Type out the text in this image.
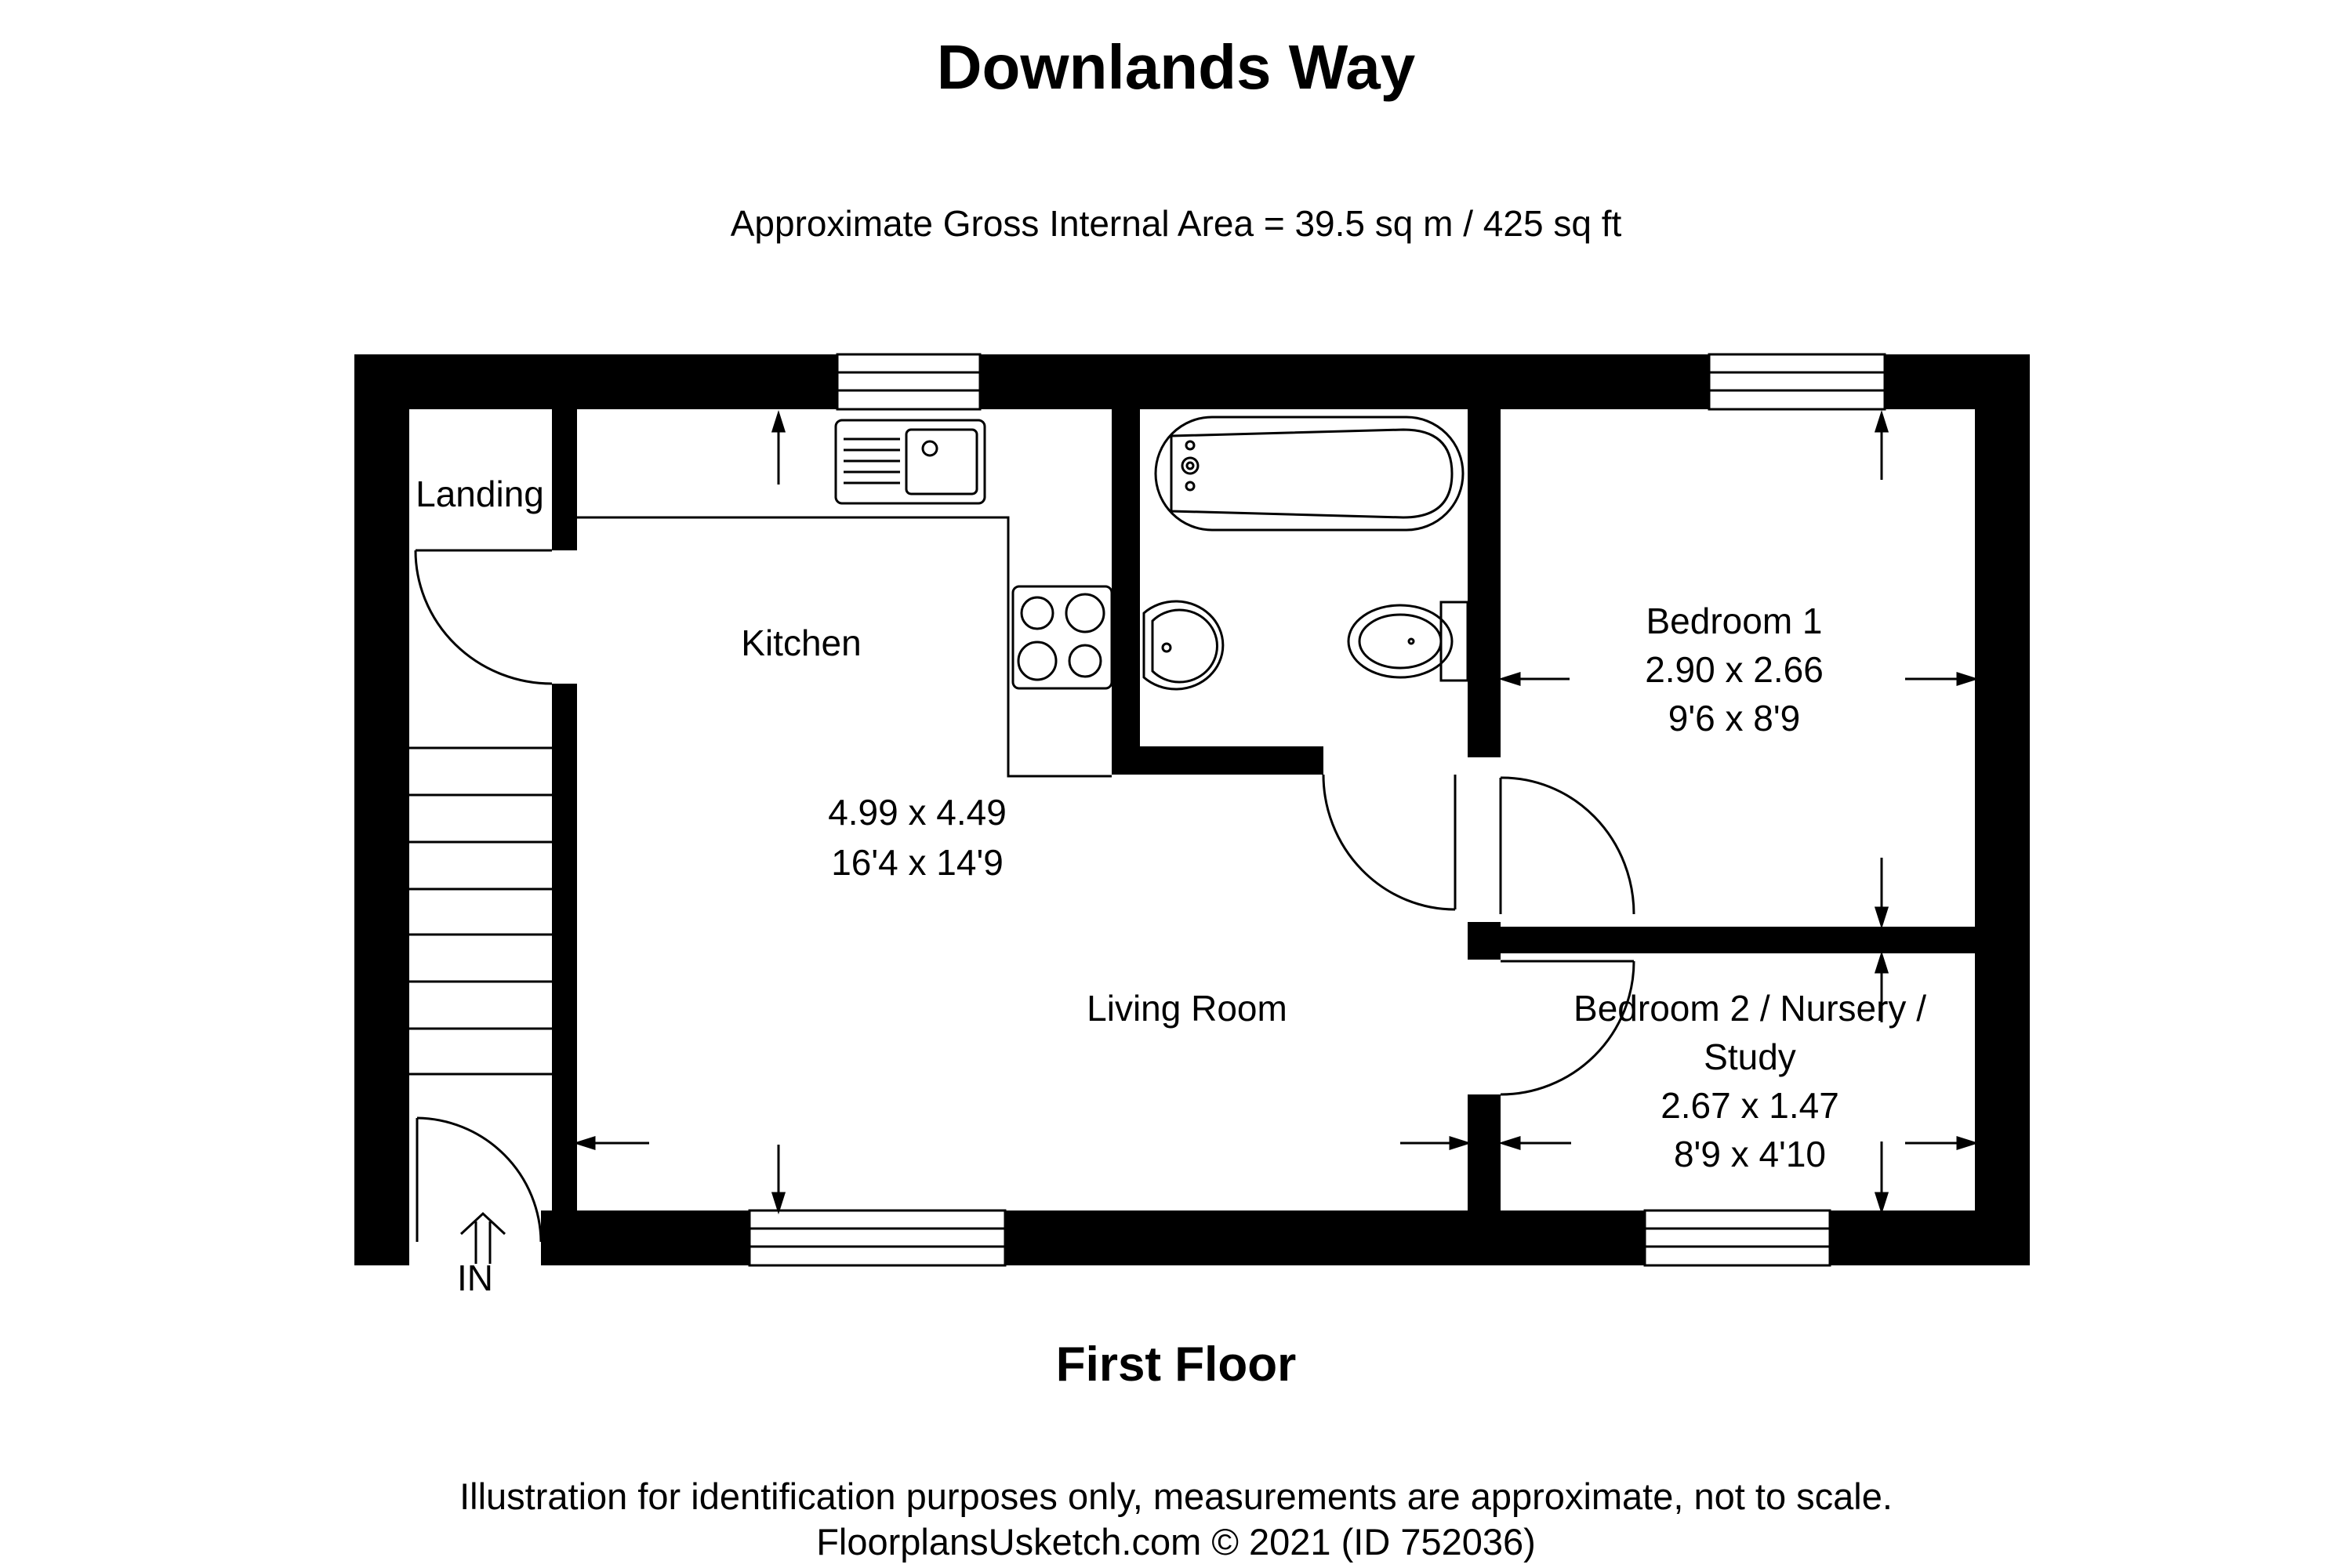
Downlands Way
Approximate Gross Internal Area = 39.5 sq m / 425 sq ft
Landing
Kitchen
4.99 x 4.49
16'4 x 14'9
Living Room
Bedroom 1
2.90 x 2.66
9'6 x 8'9
Bedroom 2 / Nursery /
Study
2.67 x 1.47
8'9 x 4'10
IN
First Floor
Illustration for identification purposes only, measurements are approximate, not to scale.
FloorplansUsketch.com © 2021 (ID 752036)
